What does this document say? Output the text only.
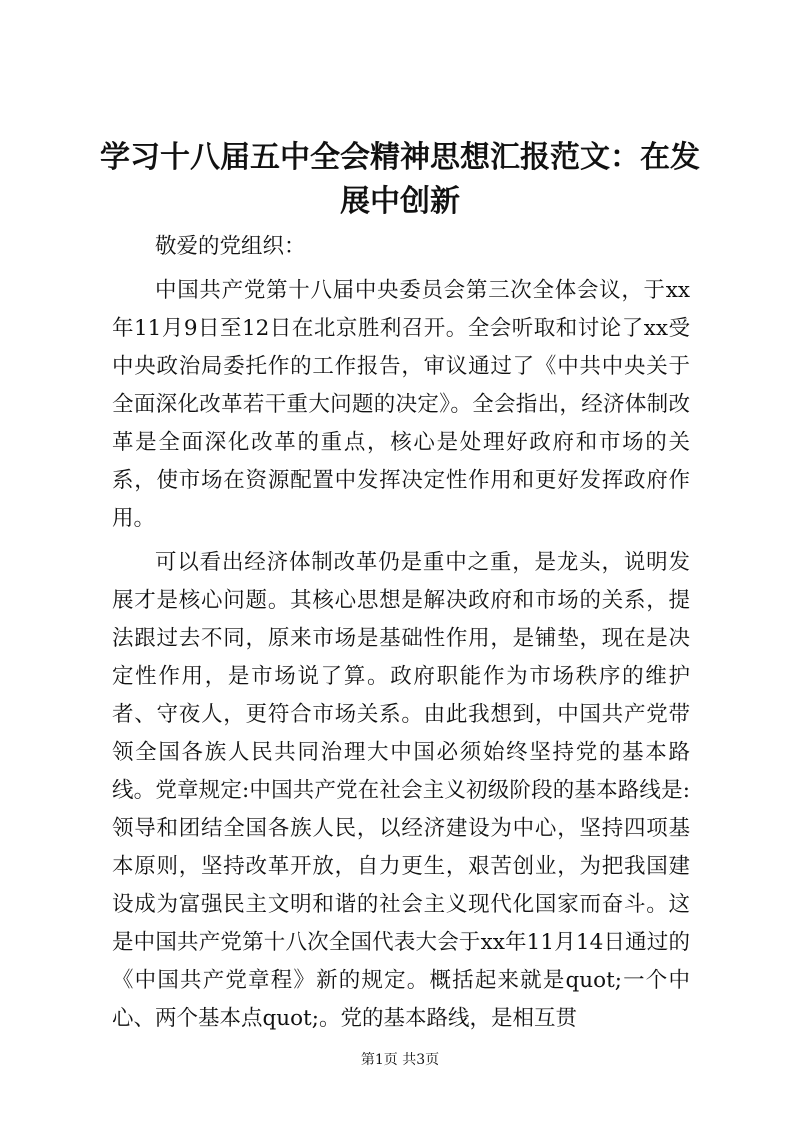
学习十八届五中全会精神思想汇报范文：在发展中创新

敬爱的党组织：

中国共产党第十八届中央委员会第三次全体会议，于xx年11月9日至12日在北京胜利召开。全会听取和讨论了xx受中央政治局委托作的工作报告，审议通过了《中共中央关于全面深化改革若干重大问题的决定》。全会指出，经济体制改革是全面深化改革的重点，核心是处理好政府和市场的关系，使市场在资源配置中发挥决定性作用和更好发挥政府作用。

可以看出经济体制改革仍是重中之重，是龙头，说明发展才是核心问题。其核心思想是解决政府和市场的关系，提法跟过去不同，原来市场是基础性作用，是铺垫，现在是决定性作用，是市场说了算。政府职能作为市场秩序的维护者、守夜人，更符合市场关系。由此我想到，中国共产党带领全国各族人民共同治理大中国必须始终坚持党的基本路线。党章规定:中国共产党在社会主义初级阶段的基本路线是:领导和团结全国各族人民，以经济建设为中心，坚持四项基本原则，坚持改革开放，自力更生，艰苦创业，为把我国建设成为富强民主文明和谐的社会主义现代化国家而奋斗。这是中国共产党第十八次全国代表大会于xx年11月14日通过的《中国共产党章程》新的规定。概括起来就是quot;一个中心、两个基本点quot;。党的基本路线，是相互贯

第1页 共3页
